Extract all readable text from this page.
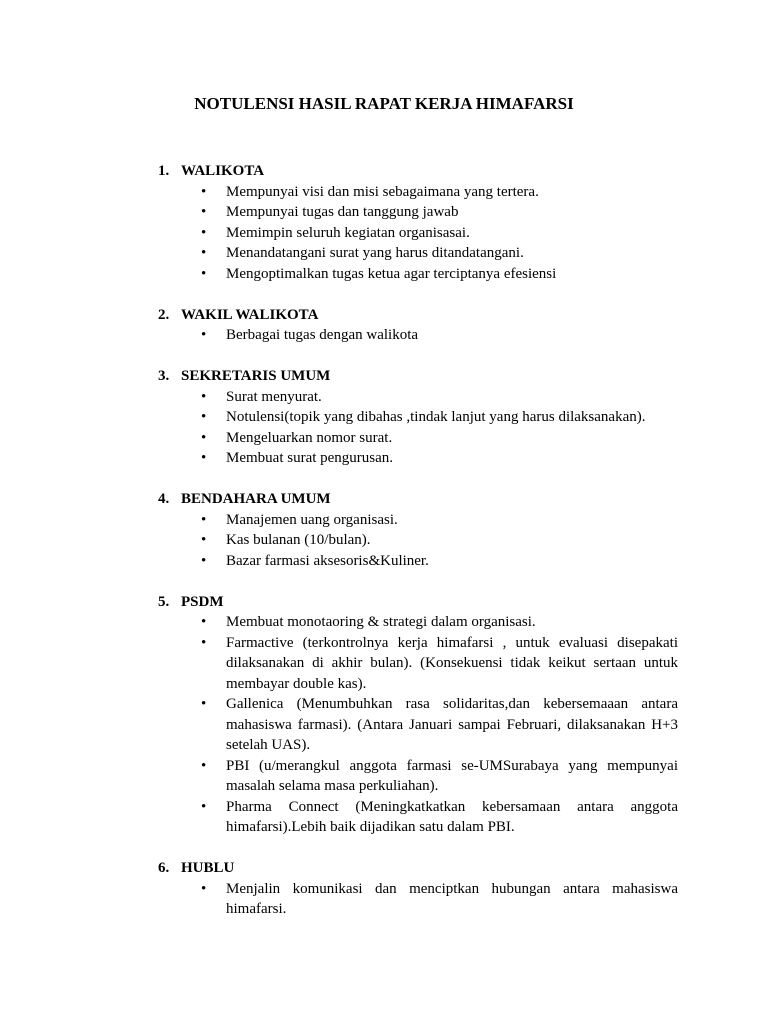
NOTULENSI HASIL RAPAT KERJA HIMAFARSI
1. WALIKOTA
• Mempunyai visi dan misi sebagaimana yang tertera.
• Mempunyai tugas dan tanggung jawab
• Memimpin seluruh kegiatan organisasai.
• Menandatangani surat yang harus ditandatangani.
• Mengoptimalkan tugas ketua agar terciptanya efesiensi
2. WAKIL WALIKOTA
• Berbagai tugas dengan walikota
3. SEKRETARIS UMUM
• Surat menyurat.
• Notulensi(topik yang dibahas ,tindak lanjut yang harus dilaksanakan).
• Mengeluarkan nomor surat.
• Membuat surat pengurusan.
4. BENDAHARA UMUM
• Manajemen uang organisasi.
• Kas bulanan (10/bulan).
• Bazar farmasi aksesoris&Kuliner.
5. PSDM
• Membuat monotaoring & strategi dalam organisasi.
• Farmactive (terkontrolnya kerja himafarsi , untuk evaluasi disepakati dilaksanakan di akhir bulan). (Konsekuensi tidak keikut sertaan untuk membayar double kas).
• Gallenica (Menumbuhkan rasa solidaritas,dan kebersemaaan antara mahasiswa farmasi). (Antara Januari sampai Februari, dilaksanakan H+3 setelah UAS).
• PBI (u/merangkul anggota farmasi se-UMSurabaya yang mempunyai masalah selama masa perkuliahan).
• Pharma Connect (Meningkatkatkan kebersamaan antara anggota himafarsi).Lebih baik dijadikan satu dalam PBI.
6. HUBLU
• Menjalin komunikasi dan menciptkan hubungan antara mahasiswa himafarsi.
